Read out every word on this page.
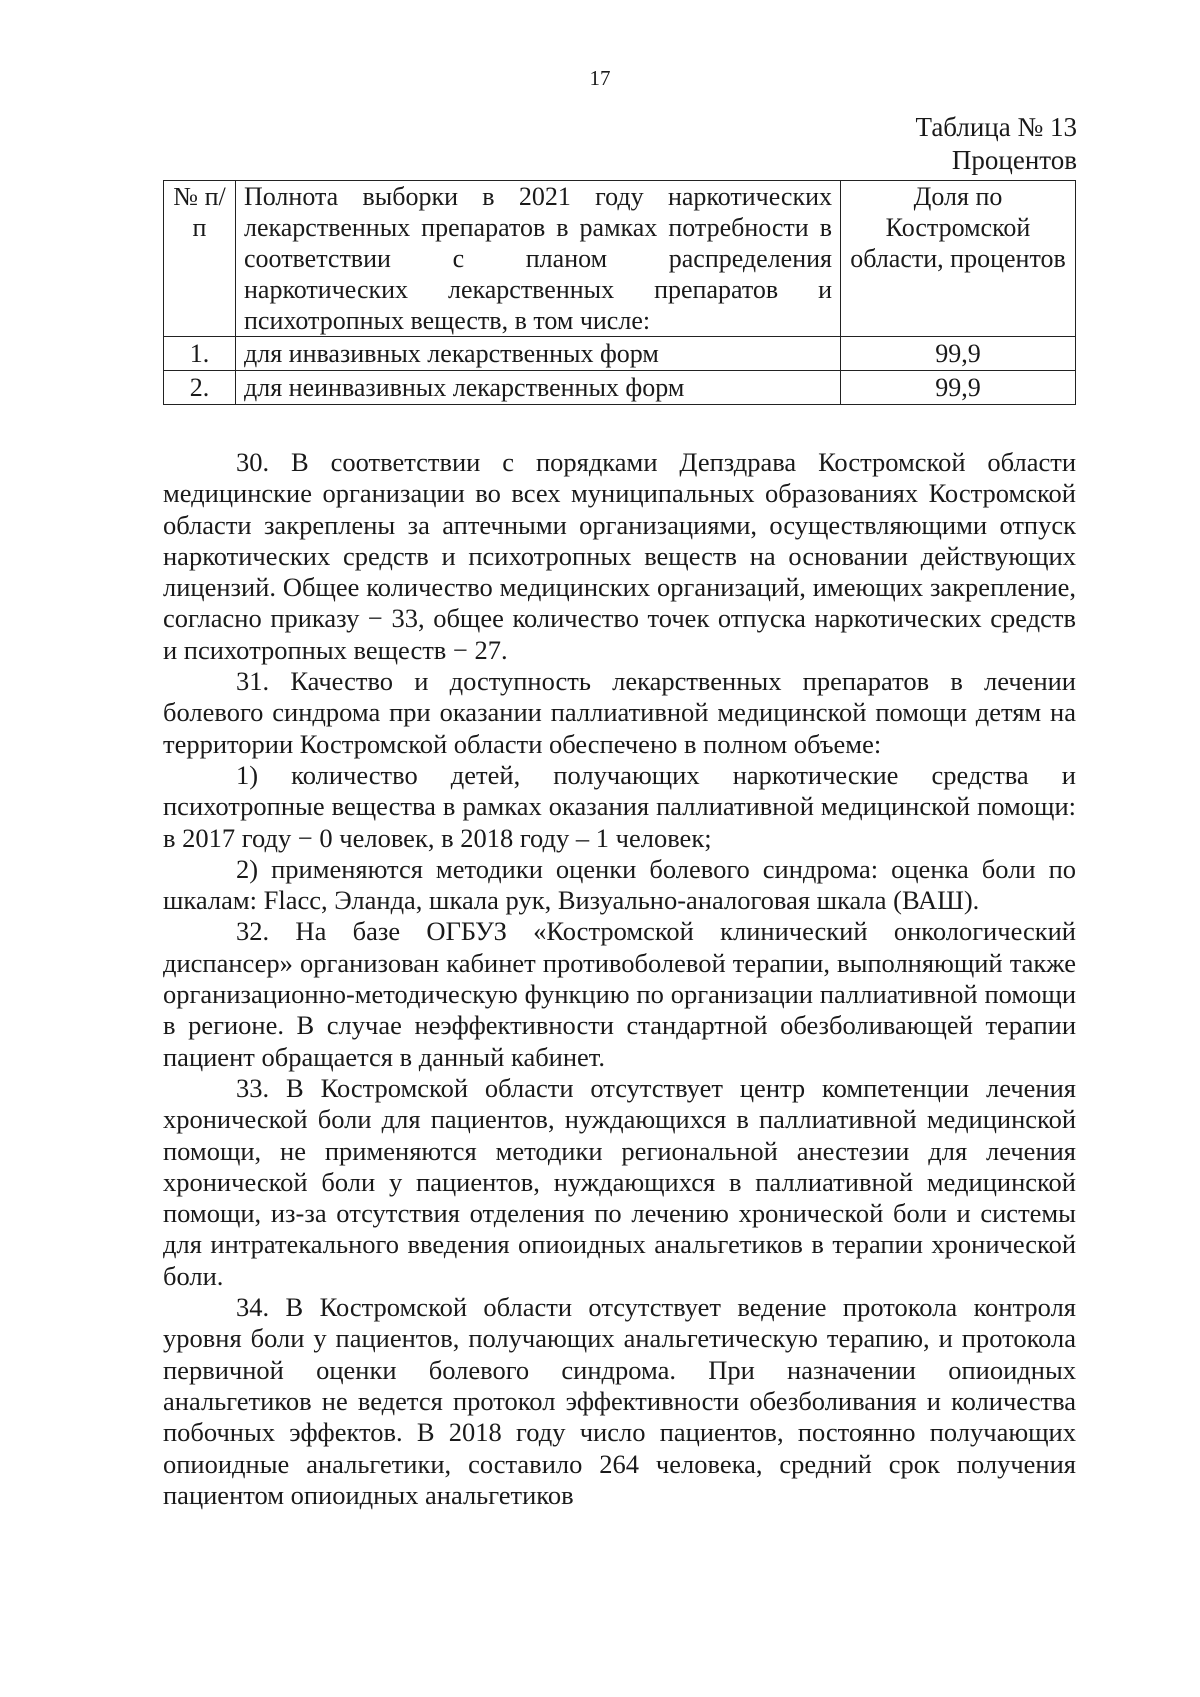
17
Таблица № 13
Процентов
№ п/п	Полнота выборки в 2021 году наркотических лекарственных препаратов в рамках потребности в соответствии с планом распределения наркотических лекарственных препаратов и психотропных веществ, в том числе:	Доля по Костромской области, процентов
1.	для инвазивных лекарственных форм	99,9
2.	для неинвазивных лекарственных форм	99,9

30. В соответствии с порядками Депздрава Костромской области медицинские организации во всех муниципальных образованиях Костромской области закреплены за аптечными организациями, осуществляющими отпуск наркотических средств и психотропных веществ на основании действующих лицензий. Общее количество медицинских организаций, имеющих закрепление, согласно приказу − 33, общее количество точек отпуска наркотических средств и психотропных веществ − 27.

31. Качество и доступность лекарственных препаратов в лечении болевого синдрома при оказании паллиативной медицинской помощи детям на территории Костромской области обеспечено в полном объеме:

1) количество детей, получающих наркотические средства и психотропные вещества в рамках оказания паллиативной медицинской помощи: в 2017 году − 0 человек, в 2018 году – 1 человек;

2) применяются методики оценки болевого синдрома: оценка боли по шкалам: Flacc, Эланда, шкала рук, Визуально-аналоговая шкала (ВАШ).

32. На базе ОГБУЗ «Костромской клинический онкологический диспансер» организован кабинет противоболевой терапии, выполняющий также организационно-методическую функцию по организации паллиативной помощи в регионе. В случае неэффективности стандартной обезболивающей терапии пациент обращается в данный кабинет.

33. В Костромской области отсутствует центр компетенции лечения хронической боли для пациентов, нуждающихся в паллиативной медицинской помощи, не применяются методики региональной анестезии для лечения хронической боли у пациентов, нуждающихся в паллиативной медицинской помощи, из-за отсутствия отделения по лечению хронической боли и системы для интратекального введения опиоидных анальгетиков в терапии хронической боли.

34. В Костромской области отсутствует ведение протокола контроля уровня боли у пациентов, получающих анальгетическую терапию, и протокола первичной оценки болевого синдрома. При назначении опиоидных анальгетиков не ведется протокол эффективности обезболивания и количества побочных эффектов. В 2018 году число пациентов, постоянно получающих опиоидные анальгетики, составило 264 человека, средний срок получения пациентом опиоидных анальгетиков
